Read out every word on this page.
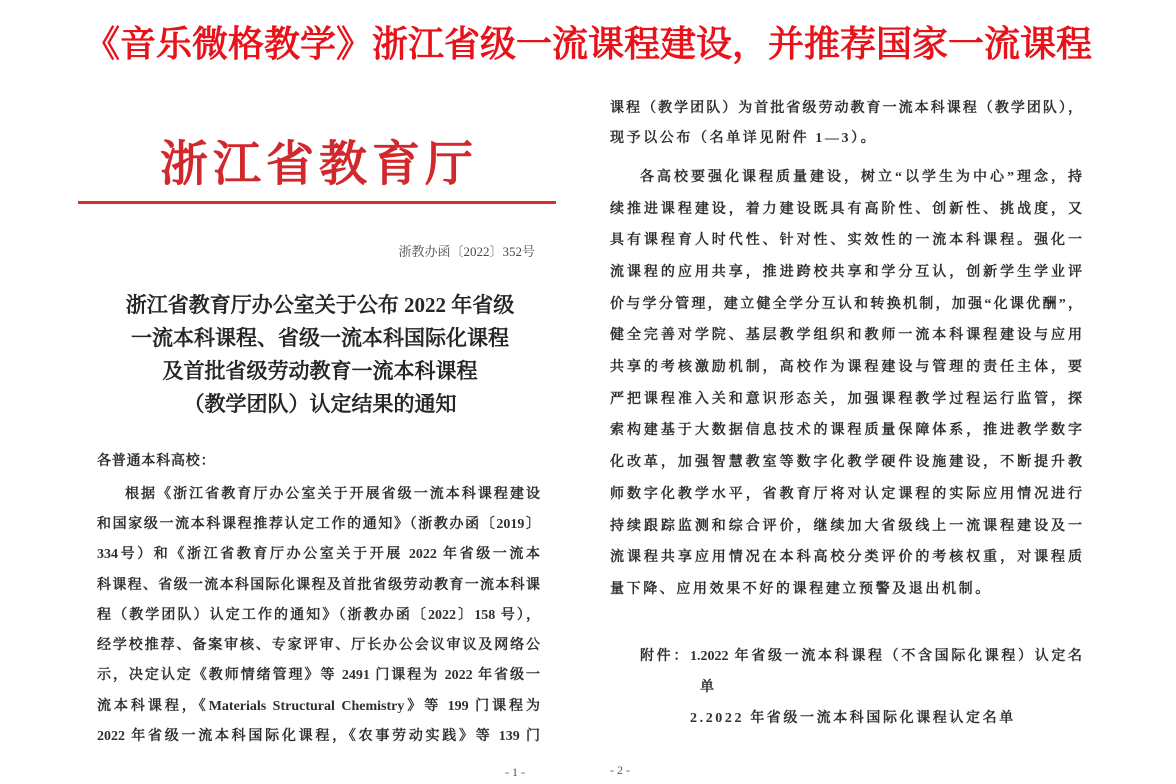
《音乐微格教学》浙江省级一流课程建设，并推荐国家一流课程
浙江省教育厅
浙教办函〔2022〕352号
浙江省教育厅办公室关于公布 2022 年省级
一流本科课程、省级一流本科国际化课程
及首批省级劳动教育一流本科课程
（教学团队）认定结果的通知
各普通本科高校：
根据《浙江省教育厅办公室关于开展省级一流本科课程建设
和国家级一流本科课程推荐认定工作的通知》（浙教办函〔2019〕
334号）和《浙江省教育厅办公室关于开展 2022 年省级一流本
科课程、省级一流本科国际化课程及首批省级劳动教育一流本科课
程（教学团队）认定工作的通知》（浙教办函〔2022〕158 号），
经学校推荐、备案审核、专家评审、厅长办公会议审议及网络公
示，决定认定《教师情绪管理》等 2491 门课程为 2022 年省级一
流本科课程，《Materials Structural Chemistry》等 199 门课程为
2022 年省级一流本科国际化课程，《农事劳动实践》等 139 门
- 1 -
课程（教学团队）为首批省级劳动教育一流本科课程（教学团队），
现予以公布（名单详见附件 1—3）。
各高校要强化课程质量建设，树立“以学生为中心”理念，持
续推进课程建设，着力建设既具有高阶性、创新性、挑战度，又
具有课程育人时代性、针对性、实效性的一流本科课程。强化一
流课程的应用共享，推进跨校共享和学分互认，创新学生学业评
价与学分管理，建立健全学分互认和转换机制，加强“化课优酬”，
健全完善对学院、基层教学组织和教师一流本科课程建设与应用
共享的考核激励机制，高校作为课程建设与管理的责任主体，要
严把课程准入关和意识形态关，加强课程教学过程运行监管，探
索构建基于大数据信息技术的课程质量保障体系，推进教学数字
化改革，加强智慧教室等数字化教学硬件设施建设，不断提升教
师数字化教学水平，省教育厅将对认定课程的实际应用情况进行
持续跟踪监测和综合评价，继续加大省级线上一流课程建设及一
流课程共享应用情况在本科高校分类评价的考核权重，对课程质
量下降、应用效果不好的课程建立预警及退出机制。
附件：1.2022 年省级一流本科课程（不含国际化课程）认定名
单
2.2022 年省级一流本科国际化课程认定名单
- 2 -
